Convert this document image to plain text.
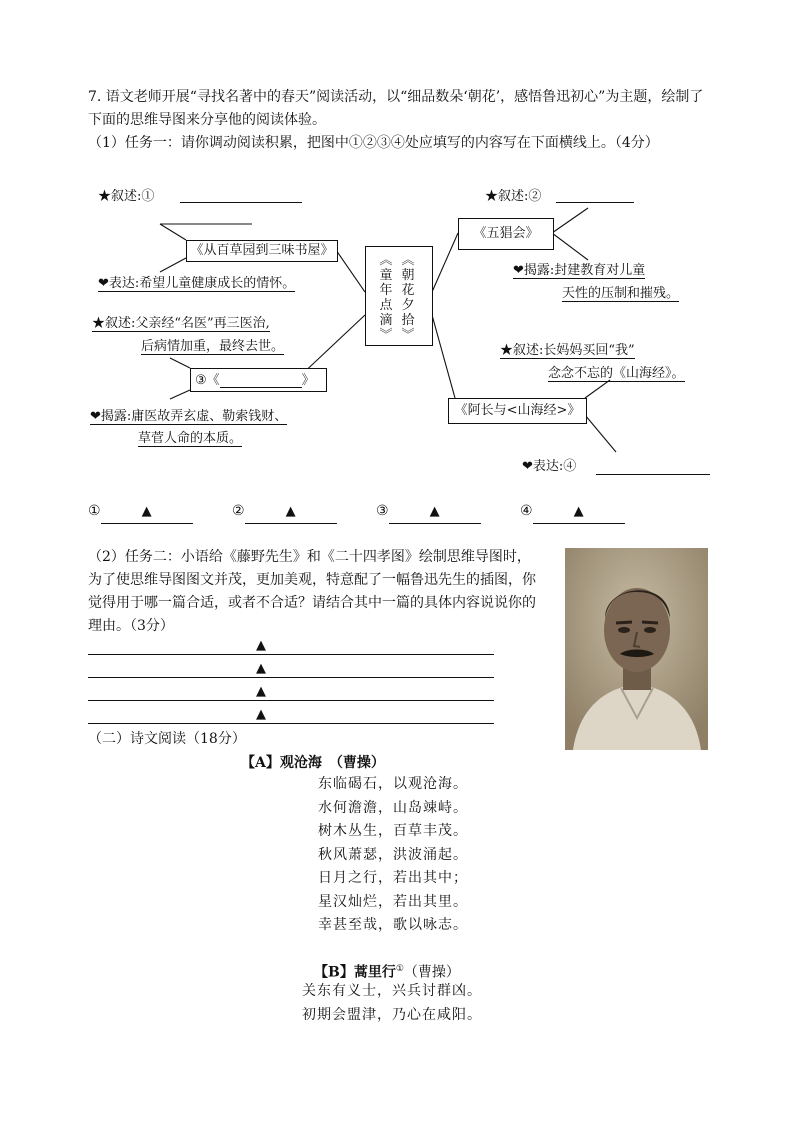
7. 语文老师开展“寻找名著中的春天”阅读活动，以“细品数朵‘朝花’，感悟鲁迅初心”为主题，绘制了下面的思维导图来分享他的阅读体验。
（1）任务一：请你调动阅读积累，把图中①②③④处应填写的内容写在下面横线上。（4分）
︽
朝
花
夕
拾
︾
︽
童
年
点
滴
︾
★叙述:①
《从百草园到三味书屋》
❤表达:希望儿童健康成长的情怀。
★叙述:父亲经“名医”再三医治,
后病情加重，最终去世。
③《	》
❤揭露:庸医故弄玄虚、勒索钱财、
草菅人命的本质。
★叙述:②
《五猖会》
❤揭露:封建教育对儿童
天性的压制和摧残。
★叙述:长妈妈买回“我”
念念不忘的《山海经》。
《阿长与<山海经>》
❤表达:④
①	▲	②	▲	③	▲	④	▲
（2）任务二：小语给《藤野先生》和《二十四孝图》绘制思维导图时，为了使思维导图图文并茂，更加美观，特意配了一幅鲁迅先生的插图，你觉得用于哪一篇合适，或者不合适？请结合其中一篇的具体内容说说你的理由。（3分）
▲
▲
▲
▲
（二）诗文阅读（18分）
【A】观沧海　（曹操）
东临碣石，以观沧海。
水何澹澹，山岛竦峙。
树木丛生，百草丰茂。
秋风萧瑟，洪波涌起。
日月之行，若出其中；
星汉灿烂，若出其里。
幸甚至哉，歌以咏志。
【B】蒿里行①（曹操）
关东有义士，兴兵讨群凶。
初期会盟津，乃心在咸阳。
